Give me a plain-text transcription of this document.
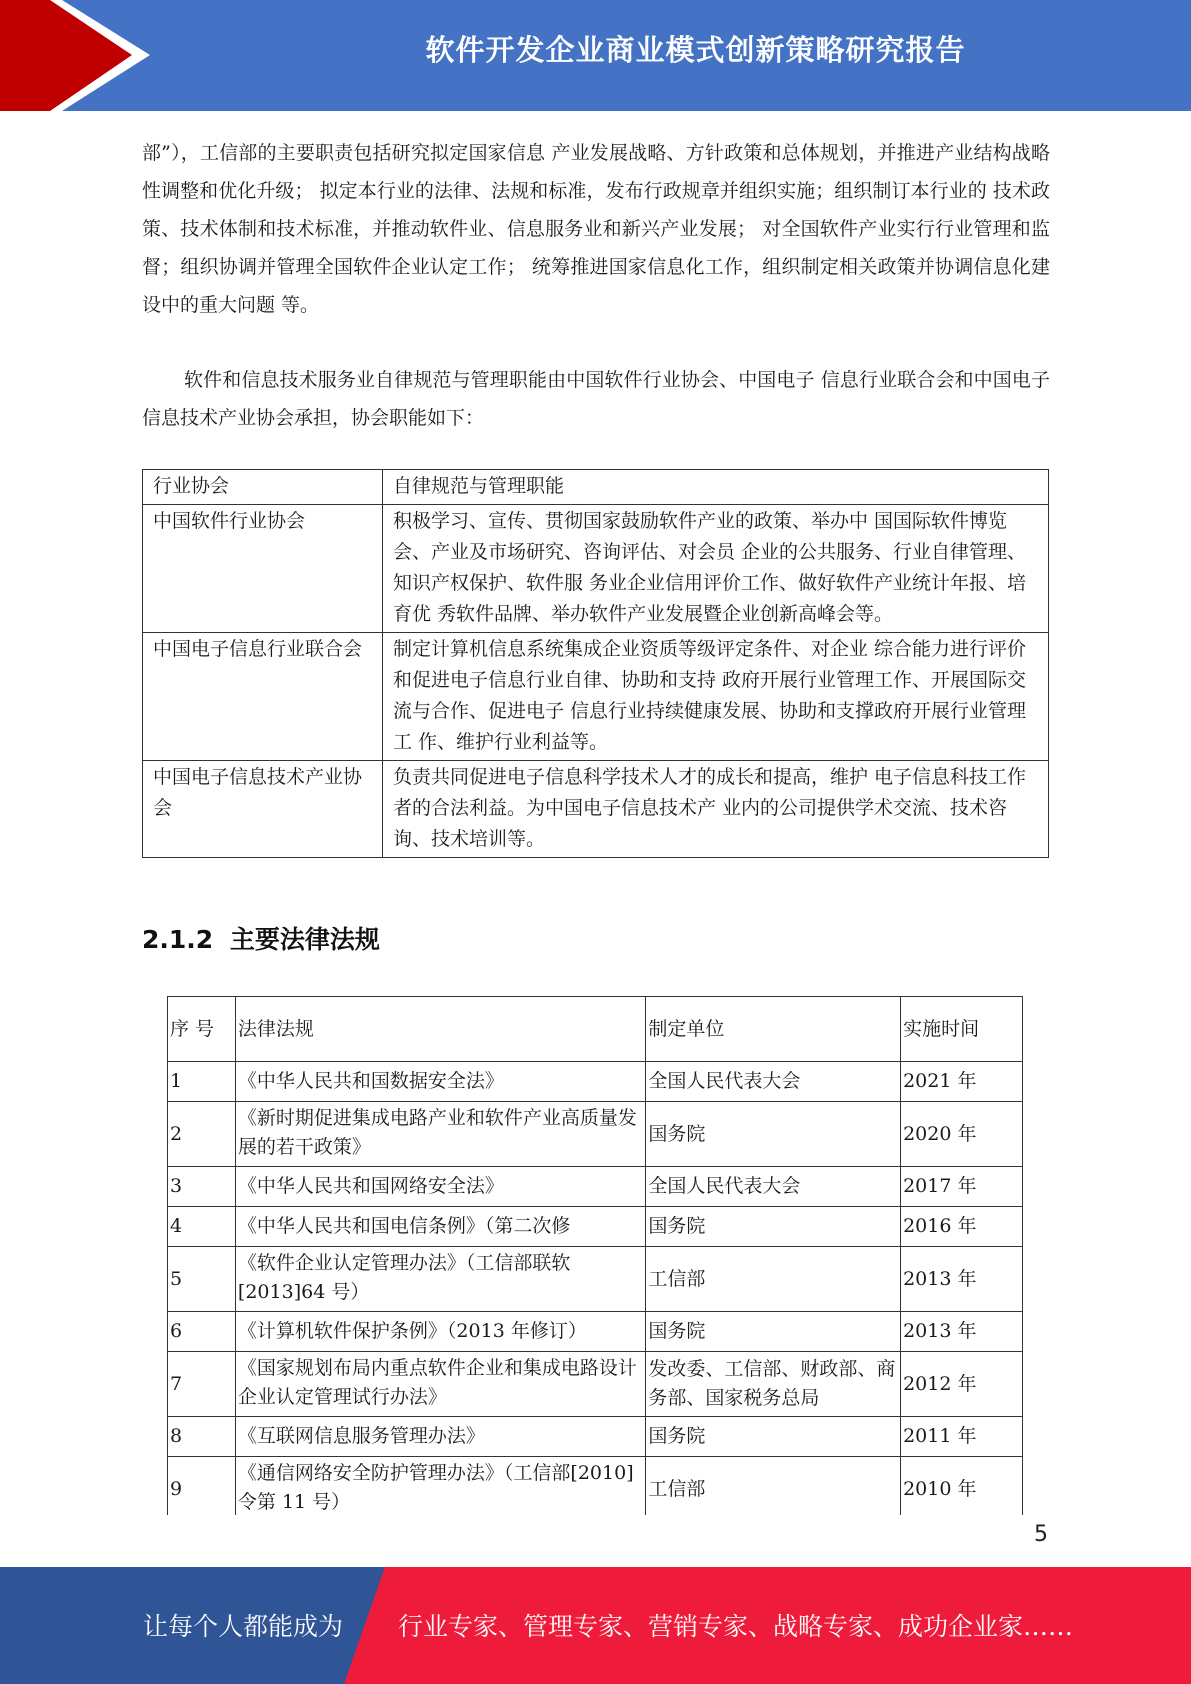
软件开发企业商业模式创新策略研究报告

部”），工信部的主要职责包括研究拟定国家信息 产业发展战略、方针政策和总体规划，并推进产业结构战略性调整和优化升级； 拟定本行业的法律、法规和标准，发布行政规章并组织实施；组织制订本行业的 技术政策、技术体制和技术标准，并推动软件业、信息服务业和新兴产业发展； 对全国软件产业实行行业管理和监督；组织协调并管理全国软件企业认定工作； 统筹推进国家信息化工作，组织制定相关政策并协调信息化建设中的重大问题 等。

软件和信息技术服务业自律规范与管理职能由中国软件行业协会、中国电子 信息行业联合会和中国电子信息技术产业协会承担，协会职能如下：

行业协会	自律规范与管理职能
中国软件行业协会	积极学习、宣传、贯彻国家鼓励软件产业的政策、举办中 国国际软件博览会、产业及市场研究、咨询评估、对会员 企业的公共服务、行业自律管理、知识产权保护、软件服 务业企业信用评价工作、做好软件产业统计年报、培育优 秀软件品牌、举办软件产业发展暨企业创新高峰会等。
中国电子信息行业联合会	制定计算机信息系统集成企业资质等级评定条件、对企业 综合能力进行评价和促进电子信息行业自律、协助和支持 政府开展行业管理工作、开展国际交流与合作、促进电子 信息行业持续健康发展、协助和支撑政府开展行业管理工 作、维护行业利益等。
中国电子信息技术产业协会	负责共同促进电子信息科学技术人才的成长和提高，维护 电子信息科技工作者的合法利益。为中国电子信息技术产 业内的公司提供学术交流、技术咨询、技术培训等。
2.1.2 主要法律法规
序 号	法律法规	制定单位	实施时间
1	《中华人民共和国数据安全法》	全国人民代表大会	2021 年
2	《新时期促进集成电路产业和软件产业高质量发展的若干政策》	国务院	2020 年
3	《中华人民共和国网络安全法》	全国人民代表大会	2017 年
4	《中华人民共和国电信条例》（第二次修	国务院	2016 年
5	《软件企业认定管理办法》（工信部联软[2013]64 号）	工信部	2013 年
6	《计算机软件保护条例》（2013 年修订）	国务院	2013 年
7	《国家规划布局内重点软件企业和集成电路设计企业认定管理试行办法》	发改委、工信部、财政部、商务部、国家税务总局	2012 年
8	《互联网信息服务管理办法》	国务院	2011 年
9	《通信网络安全防护管理办法》（工信部[2010]令第 11 号）	工信部	2010 年
5
让每个人都能成为 行业专家、管理专家、营销专家、战略专家、成功企业家……
